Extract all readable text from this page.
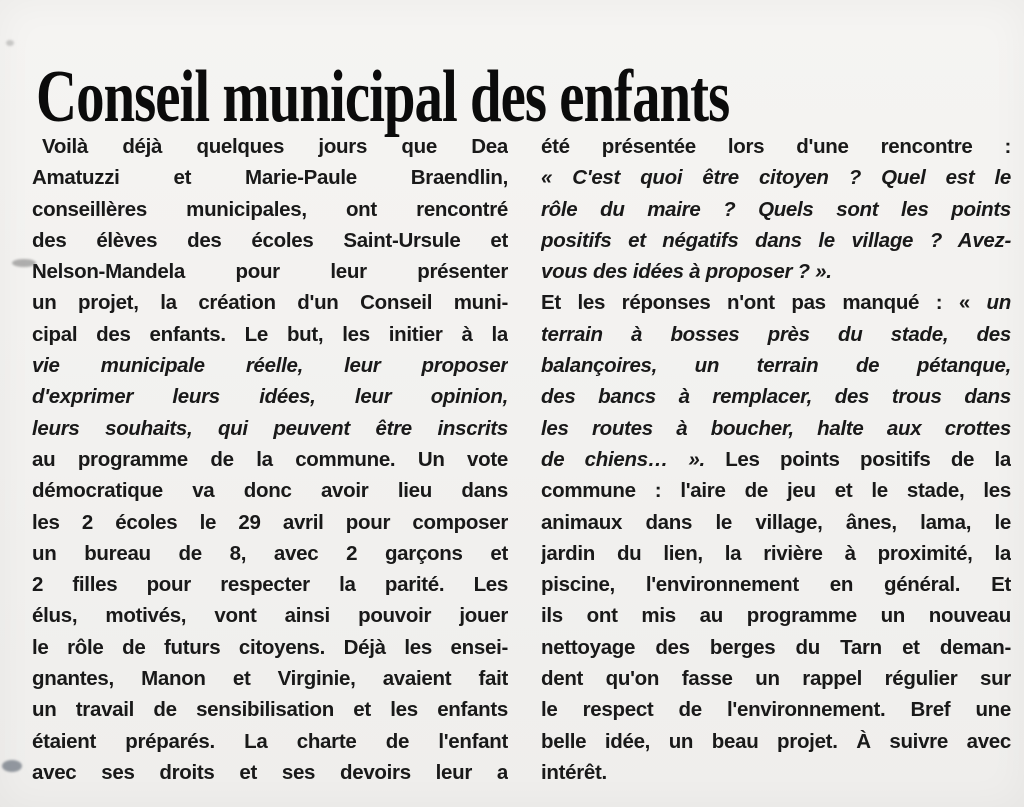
Conseil municipal des enfants
Voilà déjà quelques jours que Dea
Amatuzzi et Marie-Paule Braendlin,
conseillères municipales, ont rencontré
des élèves des écoles Saint-Ursule et
Nelson-Mandela pour leur présenter
un projet, la création d'un Conseil muni-
cipal des enfants. Le but, les initier à la
vie municipale réelle, leur proposer
d'exprimer leurs idées, leur opinion,
leurs souhaits, qui peuvent être inscrits
au programme de la commune. Un vote
démocratique va donc avoir lieu dans
les 2 écoles le 29 avril pour composer
un bureau de 8, avec 2 garçons et
2 filles pour respecter la parité. Les
élus, motivés, vont ainsi pouvoir jouer
le rôle de futurs citoyens. Déjà les ensei-
gnantes, Manon et Virginie, avaient fait
un travail de sensibilisation et les enfants
étaient préparés. La charte de l'enfant
avec ses droits et ses devoirs leur a
été présentée lors d'une rencontre :
« C'est quoi être citoyen ? Quel est le
rôle du maire ? Quels sont les points
positifs et négatifs dans le village ? Avez-
vous des idées à proposer ? ».
Et les réponses n'ont pas manqué : « un
terrain à bosses près du stade, des
balançoires, un terrain de pétanque,
des bancs à remplacer, des trous dans
les routes à boucher, halte aux crottes
de chiens… ». Les points positifs de la
commune : l'aire de jeu et le stade, les
animaux dans le village, ânes, lama, le
jardin du lien, la rivière à proximité, la
piscine, l'environnement en général. Et
ils ont mis au programme un nouveau
nettoyage des berges du Tarn et deman-
dent qu'on fasse un rappel régulier sur
le respect de l'environnement. Bref une
belle idée, un beau projet. À suivre avec
intérêt.
